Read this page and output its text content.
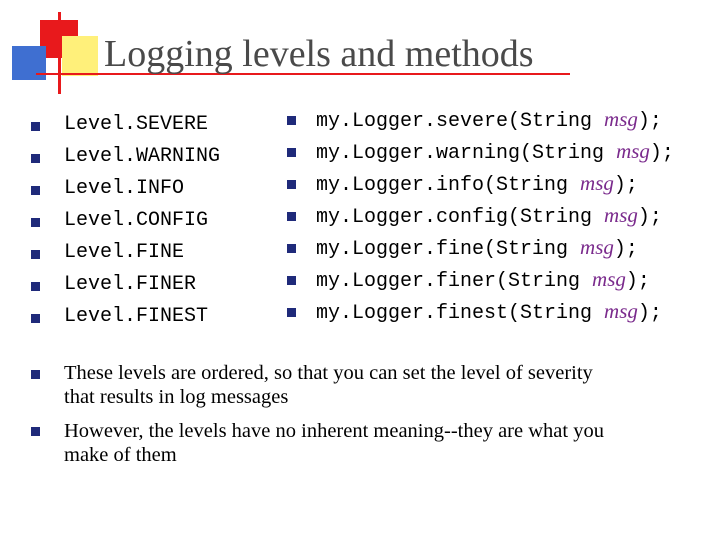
Logging levels and methods
Level.SEVERE
Level.WARNING
Level.INFO
Level.CONFIG
Level.FINE
Level.FINER
Level.FINEST
my.Logger.severe(String msg);
my.Logger.warning(String msg);
my.Logger.info(String msg);
my.Logger.config(String msg);
my.Logger.fine(String msg);
my.Logger.finer(String msg);
my.Logger.finest(String msg);
These levels are ordered, so that you can set the level of severity that results in log messages
However, the levels have no inherent meaning--they are what you make of them
